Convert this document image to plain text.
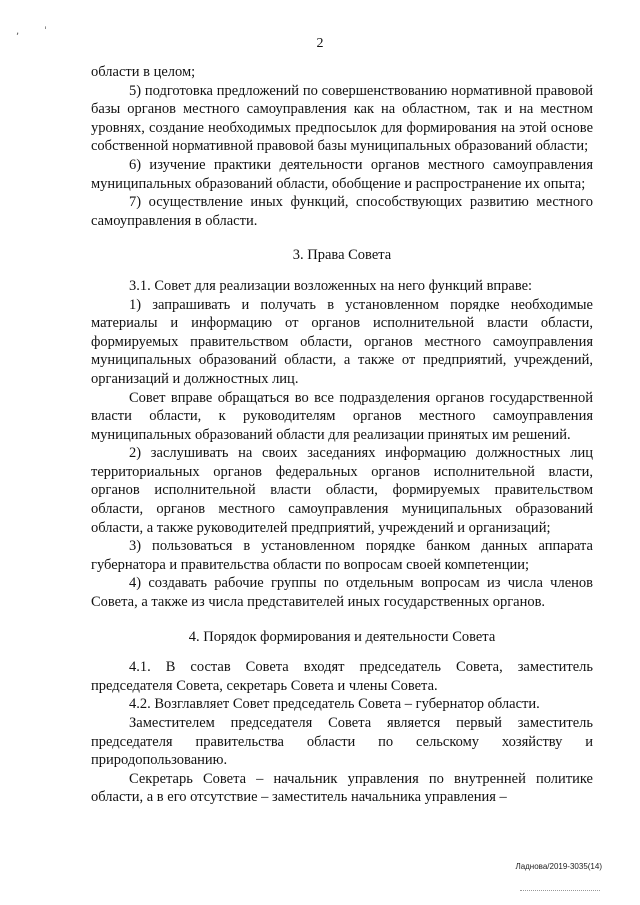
, ˈ
2

области в целом;

5) подготовка предложений по совершенствованию нормативной правовой базы органов местного самоуправления как на областном, так и на местном уровнях, создание необходимых предпосылок для формирования на этой основе собственной нормативной правовой базы муниципальных образований области;

6) изучение практики деятельности органов местного самоуправления муниципальных образований области, обобщение и распространение их опыта;

7) осуществление иных функций, способствующих развитию местного самоуправления в области.

3. Права Совета

3.1. Совет для реализации возложенных на него функций вправе:

1) запрашивать и получать в установленном порядке необходимые материалы и информацию от органов исполнительной власти области, формируемых правительством области, органов местного самоуправления муниципальных образований области, а также от предприятий, учреждений, организаций и должностных лиц.

Совет вправе обращаться во все подразделения органов государственной власти области, к руководителям органов местного самоуправления муниципальных образований области для реализации принятых им решений.

2) заслушивать на своих заседаниях информацию должностных лиц территориальных органов федеральных органов исполнительной власти, органов исполнительной власти области, формируемых правительством области, органов местного самоуправления муниципальных образований области, а также руководителей предприятий, учреждений и организаций;

3) пользоваться в установленном порядке банком данных аппарата губернатора и правительства области по вопросам своей компетенции;

4) создавать рабочие группы по отдельным вопросам из числа членов Совета, а также из числа представителей иных государственных органов.

4. Порядок формирования и деятельности Совета

4.1. В состав Совета входят председатель Совета, заместитель председателя Совета, секретарь Совета и члены Совета.

4.2. Возглавляет Совет председатель Совета – губернатор области.

Заместителем председателя Совета является первый заместитель председателя правительства области по сельскому хозяйству и природопользованию.

Секретарь Совета – начальник управления по внутренней политике области, а в его отсутствие – заместитель начальника управления –

Ладнова/2019-3035(14)
